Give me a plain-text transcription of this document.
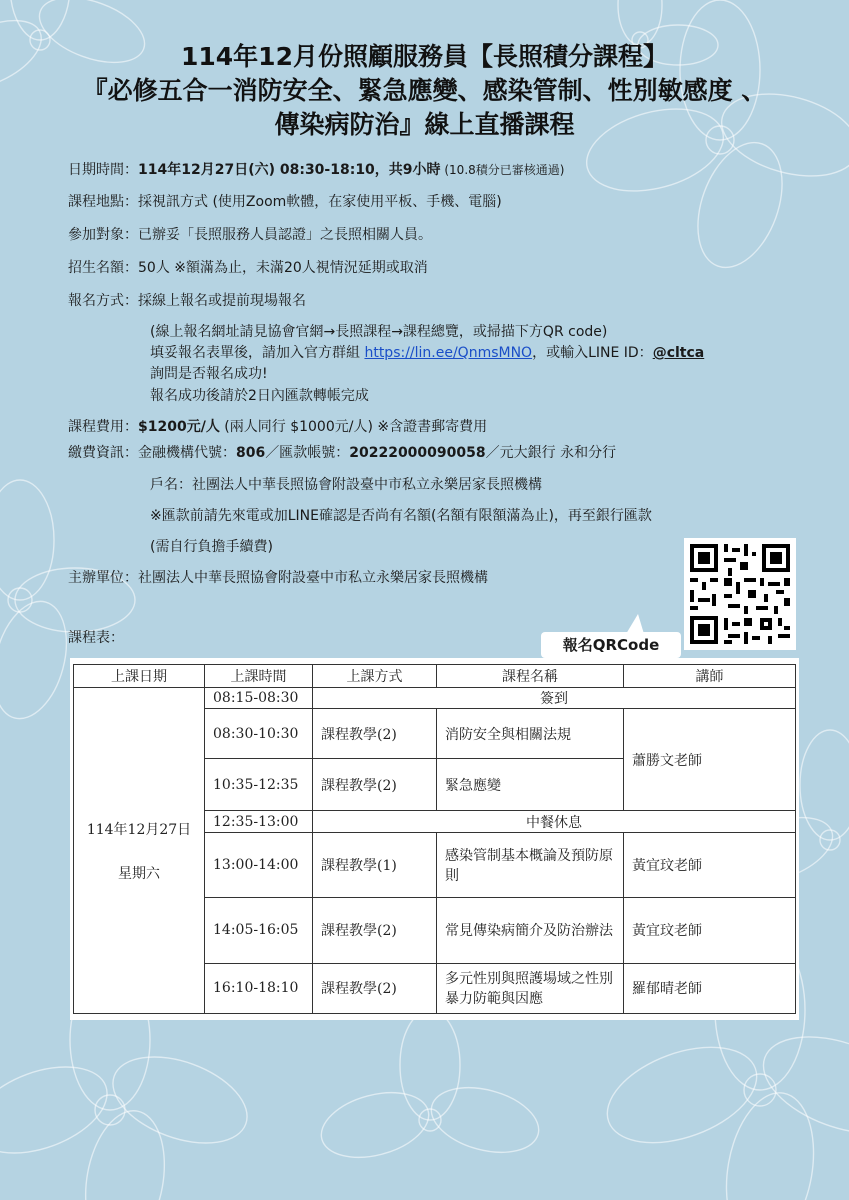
114年12月份照顧服務員【長照積分課程】
『必修五合一消防安全、緊急應變、感染管制、性別敏感度 、
傳染病防治』線上直播課程
日期時間：114年12月27日(六) 08:30-18:10，共9小時 (10.8積分已審核通過)
課程地點：採視訊方式 (使用Zoom軟體，在家使用平板、手機、電腦)
參加對象：已辦妥「長照服務人員認證」之長照相關人員。
招生名額：50人 ※額滿為止，未滿20人視情況延期或取消
報名方式：採線上報名或提前現場報名
(線上報名網址請見協會官網→長照課程→課程總覽，或掃描下方QR code)
填妥報名表單後，請加入官方群組 https://lin.ee/QnmsMNO，或輸入LINE ID：@cltca
詢問是否報名成功!
報名成功後請於2日內匯款轉帳完成
課程費用：$1200元/人 (兩人同行 $1000元/人) ※含證書郵寄費用
繳費資訊：金融機構代號：806／匯款帳號：20222000090058／元大銀行 永和分行
戶名：社團法人中華長照協會附設臺中市私立永樂居家長照機構
※匯款前請先來電或加LINE確認是否尚有名額(名額有限額滿為止)，再至銀行匯款
(需自行負擔手續費)
主辦單位：社團法人中華長照協會附設臺中市私立永樂居家長照機構
課程表：	報名QRCode
上課日期	上課時間	上課方式	課程名稱	講師

114年12月27日
星期六	08:15-08:30	簽到		
	08:30-10:30	課程教學(2)	消防安全與相關法規	蕭勝文老師
	10:35-12:35	課程教學(2)	緊急應變	
	12:35-13:00	中餐休息		
	13:00-14:00	課程教學(1)	感染管制基本概論及預防原則	黃宜玟老師
	14:05-16:05	課程教學(2)	常見傳染病簡介及防治辦法	黃宜玟老師
	16:10-18:10	課程教學(2)	多元性別與照護場域之性別暴力防範與因應	羅郁晴老師
